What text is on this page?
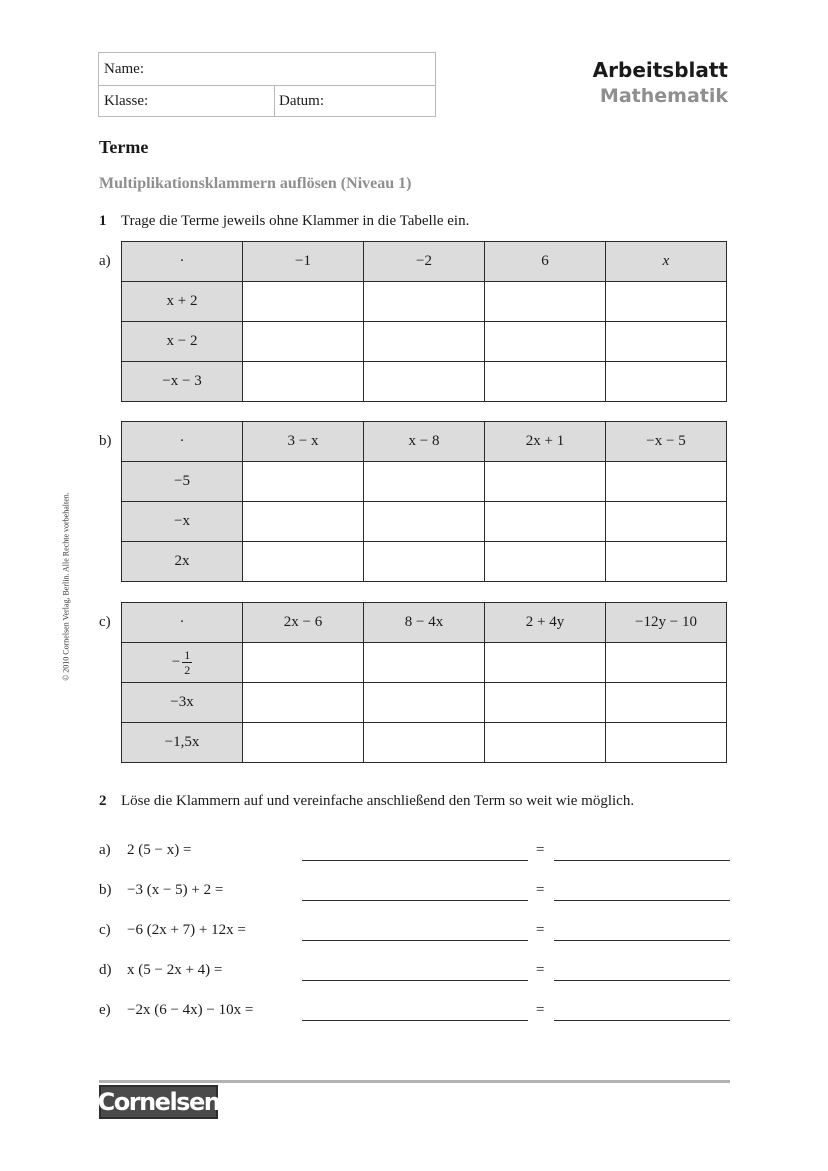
Name:
Klasse:	Datum:
Arbeitsblatt
Mathematik
Terme
Multiplikationsklammern auflösen (Niveau 1)
1 Trage die Terme jeweils ohne Klammer in die Tabelle ein.
a)	·	−1	−2	6	x
x + 2				
x − 2				
−x − 3				
b)	·	3 − x	x − 8	2x + 1	−x − 5
−5				
−x				
2x				
c)	·	2x − 6	8 − 4x	2 + 4y	−12y − 10

− $\frac{1}{2}$

−3x				
−1,5x				
2 Löse die Klammern auf und vereinfache anschließend den Term so weit wie möglich.
a) 2 (5 − x) =	=
b) −3 (x − 5) + 2 =	=
c) −6 (2x + 7) + 12x =	=
d) x (5 − 2x + 4) =	=
e) −2x (6 − 4x) − 10x =	=
© 2010 Cornelsen Verlag, Berlin. Alle Rechte vorbehalten.
Cornelsen
